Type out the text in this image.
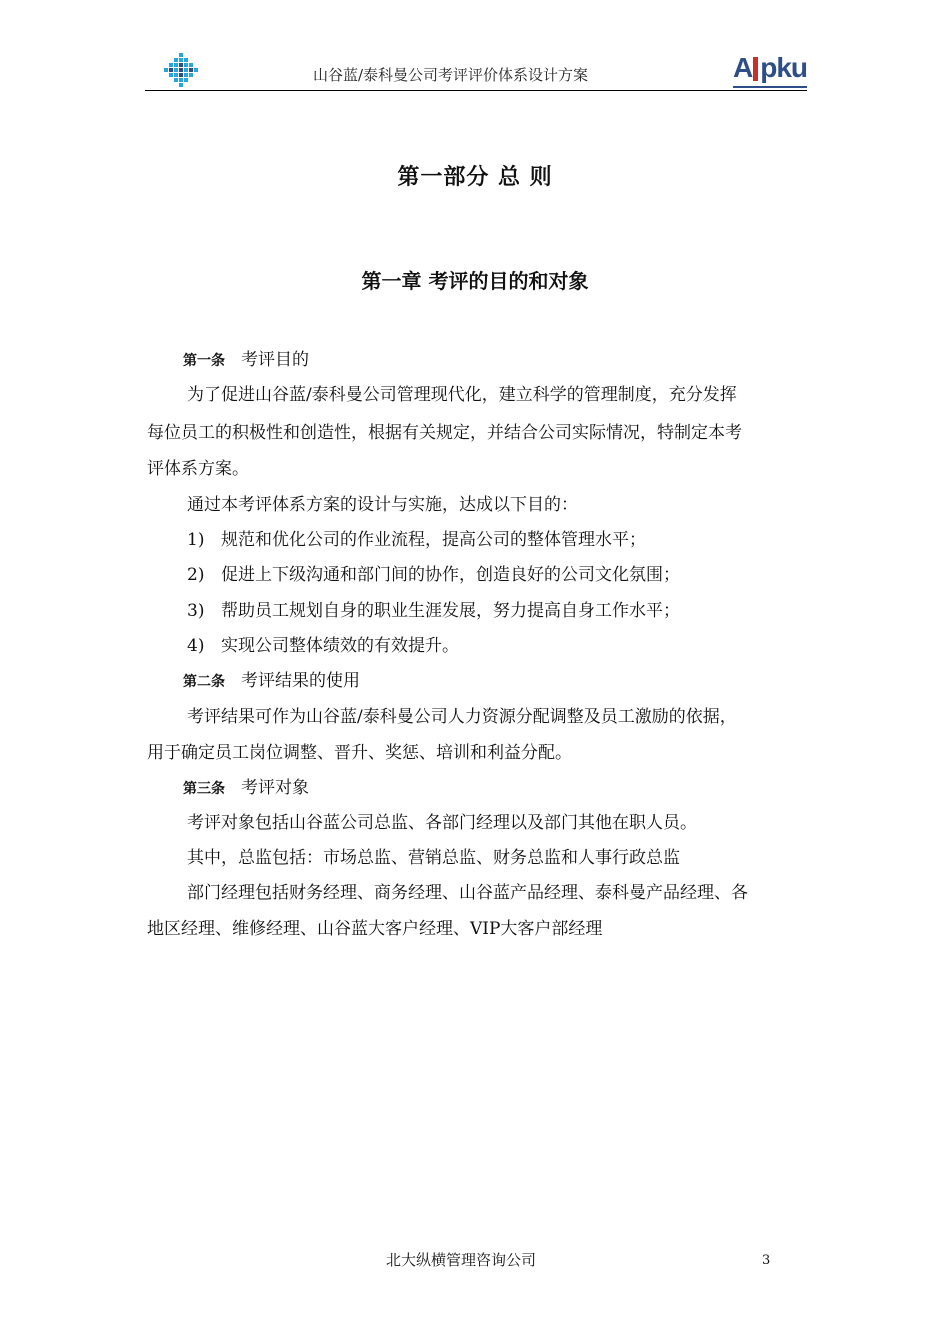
山谷蓝/泰科曼公司考评评价体系设计方案	A pku
第一部分 总 则
第一章 考评的目的和对象
第一条 考评目的
为了促进山谷蓝/泰科曼公司管理现代化，建立科学的管理制度，充分发挥
每位员工的积极性和创造性，根据有关规定，并结合公司实际情况，特制定本考
评体系方案。
通过本考评体系方案的设计与实施，达成以下目的：
1) 规范和优化公司的作业流程，提高公司的整体管理水平；
2) 促进上下级沟通和部门间的协作，创造良好的公司文化氛围；
3) 帮助员工规划自身的职业生涯发展，努力提高自身工作水平；
4) 实现公司整体绩效的有效提升。
第二条 考评结果的使用
考评结果可作为山谷蓝/泰科曼公司人力资源分配调整及员工激励的依据，
用于确定员工岗位调整、晋升、奖惩、培训和利益分配。
第三条 考评对象
考评对象包括山谷蓝公司总监、各部门经理以及部门其他在职人员。
其中，总监包括：市场总监、营销总监、财务总监和人事行政总监
部门经理包括财务经理、商务经理、山谷蓝产品经理、泰科曼产品经理、各
地区经理、维修经理、山谷蓝大客户经理、VIP大客户部经理
北大纵横管理咨询公司	3
